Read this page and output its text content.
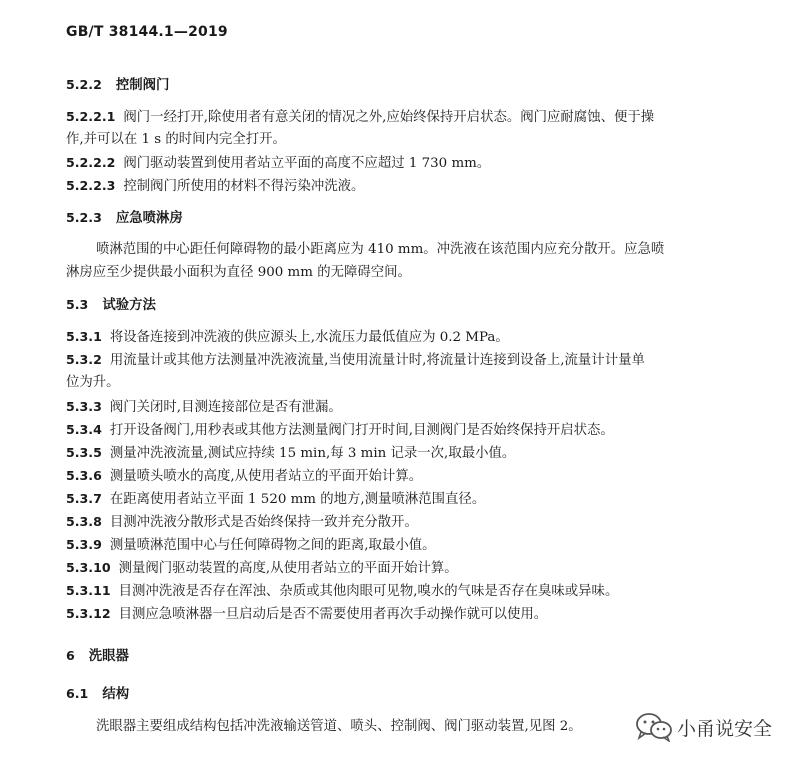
GB/T 38144.1—2019
5.2.2 控制阀门
5.2.2.1 阀门一经打开,除使用者有意关闭的情况之外,应始终保持开启状态。阀门应耐腐蚀、便于操
作,并可以在 1 s 的时间内完全打开。
5.2.2.2 阀门驱动装置到使用者站立平面的高度不应超过 1 730 mm。
5.2.2.3 控制阀门所使用的材料不得污染冲洗液。
5.2.3 应急喷淋房
喷淋范围的中心距任何障碍物的最小距离应为 410 mm。冲洗液在该范围内应充分散开。应急喷
淋房应至少提供最小面积为直径 900 mm 的无障碍空间。
5.3 试验方法
5.3.1 将设备连接到冲洗液的供应源头上,水流压力最低值应为 0.2 MPa。
5.3.2 用流量计或其他方法测量冲洗液流量,当使用流量计时,将流量计连接到设备上,流量计计量单
位为升。
5.3.3 阀门关闭时,目测连接部位是否有泄漏。
5.3.4 打开设备阀门,用秒表或其他方法测量阀门打开时间,目测阀门是否始终保持开启状态。
5.3.5 测量冲洗液流量,测试应持续 15 min,每 3 min 记录一次,取最小值。
5.3.6 测量喷头喷水的高度,从使用者站立的平面开始计算。
5.3.7 在距离使用者站立平面 1 520 mm 的地方,测量喷淋范围直径。
5.3.8 目测冲洗液分散形式是否始终保持一致并充分散开。
5.3.9 测量喷淋范围中心与任何障碍物之间的距离,取最小值。
5.3.10 测量阀门驱动装置的高度,从使用者站立的平面开始计算。
5.3.11 目测冲洗液是否存在浑浊、杂质或其他肉眼可见物,嗅水的气味是否存在臭味或异味。
5.3.12 目测应急喷淋器一旦启动后是否不需要使用者再次手动操作就可以使用。
6 洗眼器
6.1 结构
洗眼器主要组成结构包括冲洗液输送管道、喷头、控制阀、阀门驱动装置,见图 2。	小甬说安全
